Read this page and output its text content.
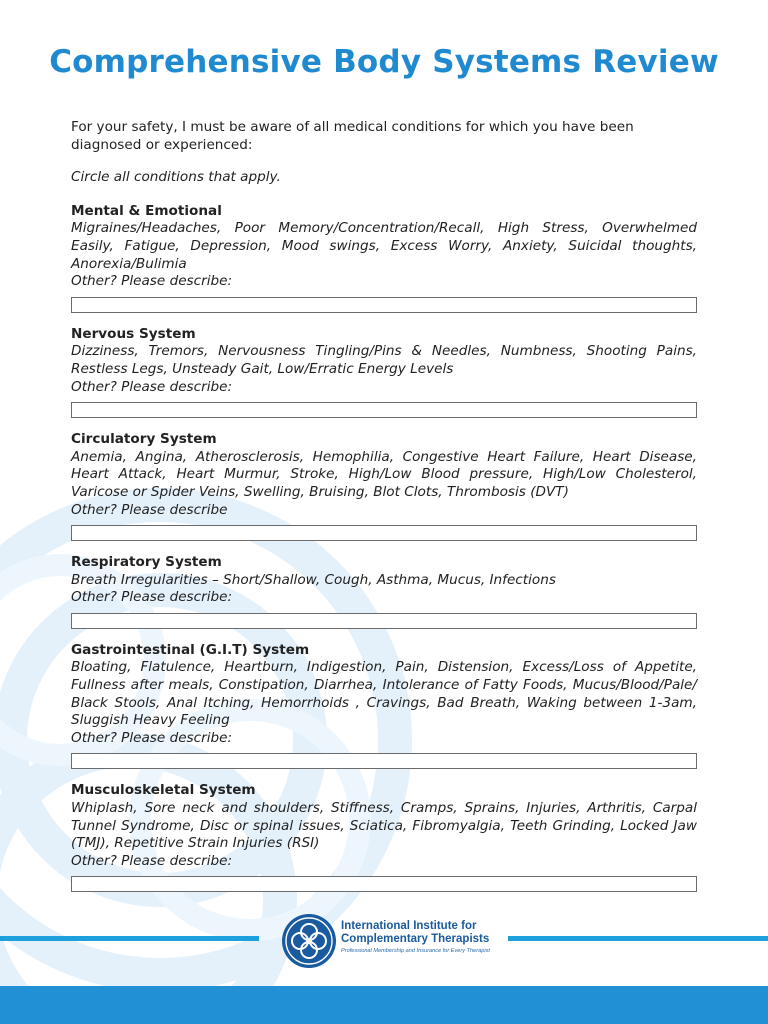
Comprehensive Body Systems Review

For your safety, I must be aware of all medical conditions for which you have been diagnosed or experienced:

Circle all conditions that apply.

Mental & Emotional

Migraines/Headaches, Poor Memory/Concentration/Recall, High Stress, Overwhelmed Easily, Fatigue, Depression, Mood swings, Excess Worry, Anxiety, Suicidal thoughts, Anorexia/Bulimia

Other? Please describe:

Nervous System

Dizziness, Tremors, Nervousness Tingling/Pins & Needles, Numbness, Shooting Pains, Restless Legs, Unsteady Gait, Low/Erratic Energy Levels

Other? Please describe:

Circulatory System

Anemia, Angina, Atherosclerosis, Hemophilia, Congestive Heart Failure, Heart Disease, Heart Attack, Heart Murmur, Stroke, High/Low Blood pressure, High/Low Cholesterol, Varicose or Spider Veins, Swelling, Bruising, Blot Clots, Thrombosis (DVT)

Other? Please describe

Respiratory System

Breath Irregularities – Short/Shallow, Cough, Asthma, Mucus, Infections

Other? Please describe:

Gastrointestinal (G.I.T) System

Bloating, Flatulence, Heartburn, Indigestion, Pain, Distension, Excess/Loss of Appetite, Fullness after meals, Constipation, Diarrhea, Intolerance of Fatty Foods, Mucus/Blood/Pale/ Black Stools, Anal Itching, Hemorrhoids , Cravings, Bad Breath, Waking between 1-3am, Sluggish Heavy Feeling

Other? Please describe:

Musculoskeletal System

Whiplash, Sore neck and shoulders, Stiffness, Cramps, Sprains, Injuries, Arthritis, Carpal Tunnel Syndrome, Disc or spinal issues, Sciatica, Fibromyalgia, Teeth Grinding, Locked Jaw (TMJ), Repetitive Strain Injuries (RSI)

Other? Please describe:

International Institute for
Complementary Therapists
Professional Membership and Insurance for Every Therapist
